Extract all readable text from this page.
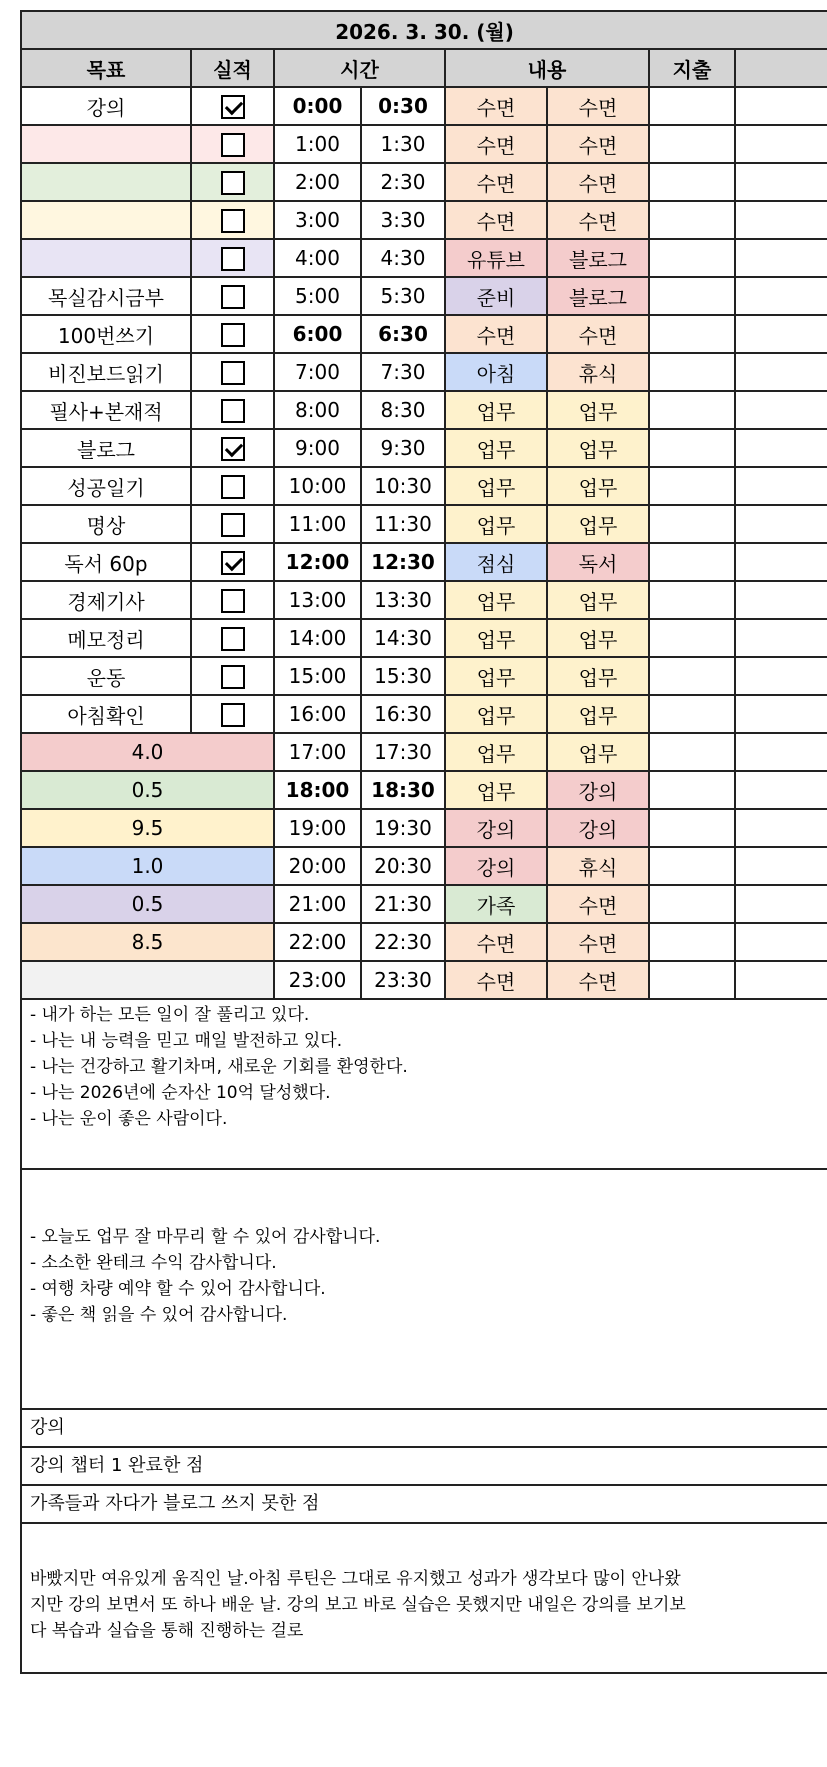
2026. 3. 30. (월)							
목표	실적	시간		내용		지출	
강의		0:00	0:30	수면	수면		
		1:00	1:30	수면	수면		
		2:00	2:30	수면	수면		
		3:00	3:30	수면	수면		
		4:00	4:30	유튜브	블로그		
목실감시금부		5:00	5:30	준비	블로그		
100번쓰기		6:00	6:30	수면	수면		
비진보드읽기		7:00	7:30	아침	휴식		
필사+본재적		8:00	8:30	업무	업무		
블로그		9:00	9:30	업무	업무		
성공일기		10:00	10:30	업무	업무		
명상		11:00	11:30	업무	업무		
독서 60p		12:00	12:30	점심	독서		
경제기사		13:00	13:30	업무	업무		
메모정리		14:00	14:30	업무	업무		
운동		15:00	15:30	업무	업무		
아침확인		16:00	16:30	업무	업무		
4.0		17:00	17:30	업무	업무		
0.5		18:00	18:30	업무	강의		
9.5		19:00	19:30	강의	강의		
1.0		20:00	20:30	강의	휴식		
0.5		21:00	21:30	가족	수면		
8.5		22:00	22:30	수면	수면		
		23:00	23:30	수면	수면		
- 내가 하는 모든 일이 잘 풀리고 있다.
- 나는 내 능력을 믿고 매일 발전하고 있다.
- 나는 건강하고 활기차며, 새로운 기회를 환영한다.
- 나는 2026년에 순자산 10억 달성했다.
- 나는 운이 좋은 사람이다.
- 오늘도 업무 잘 마무리 할 수 있어 감사합니다.
- 소소한 완테크 수익 감사합니다.
- 여행 차량 예약 할 수 있어 감사합니다.
- 좋은 책 읽을 수 있어 감사합니다.
강의
강의 챕터 1 완료한 점
가족들과 자다가 블로그 쓰지 못한 점
바빴지만 여유있게 움직인 날.아침 루틴은 그대로 유지했고 성과가 생각보다 많이 안나왔
지만 강의 보면서 또 하나 배운 날. 강의 보고 바로 실습은 못했지만 내일은 강의를 보기보
다 복습과 실습을 통해 진행하는 걸로
